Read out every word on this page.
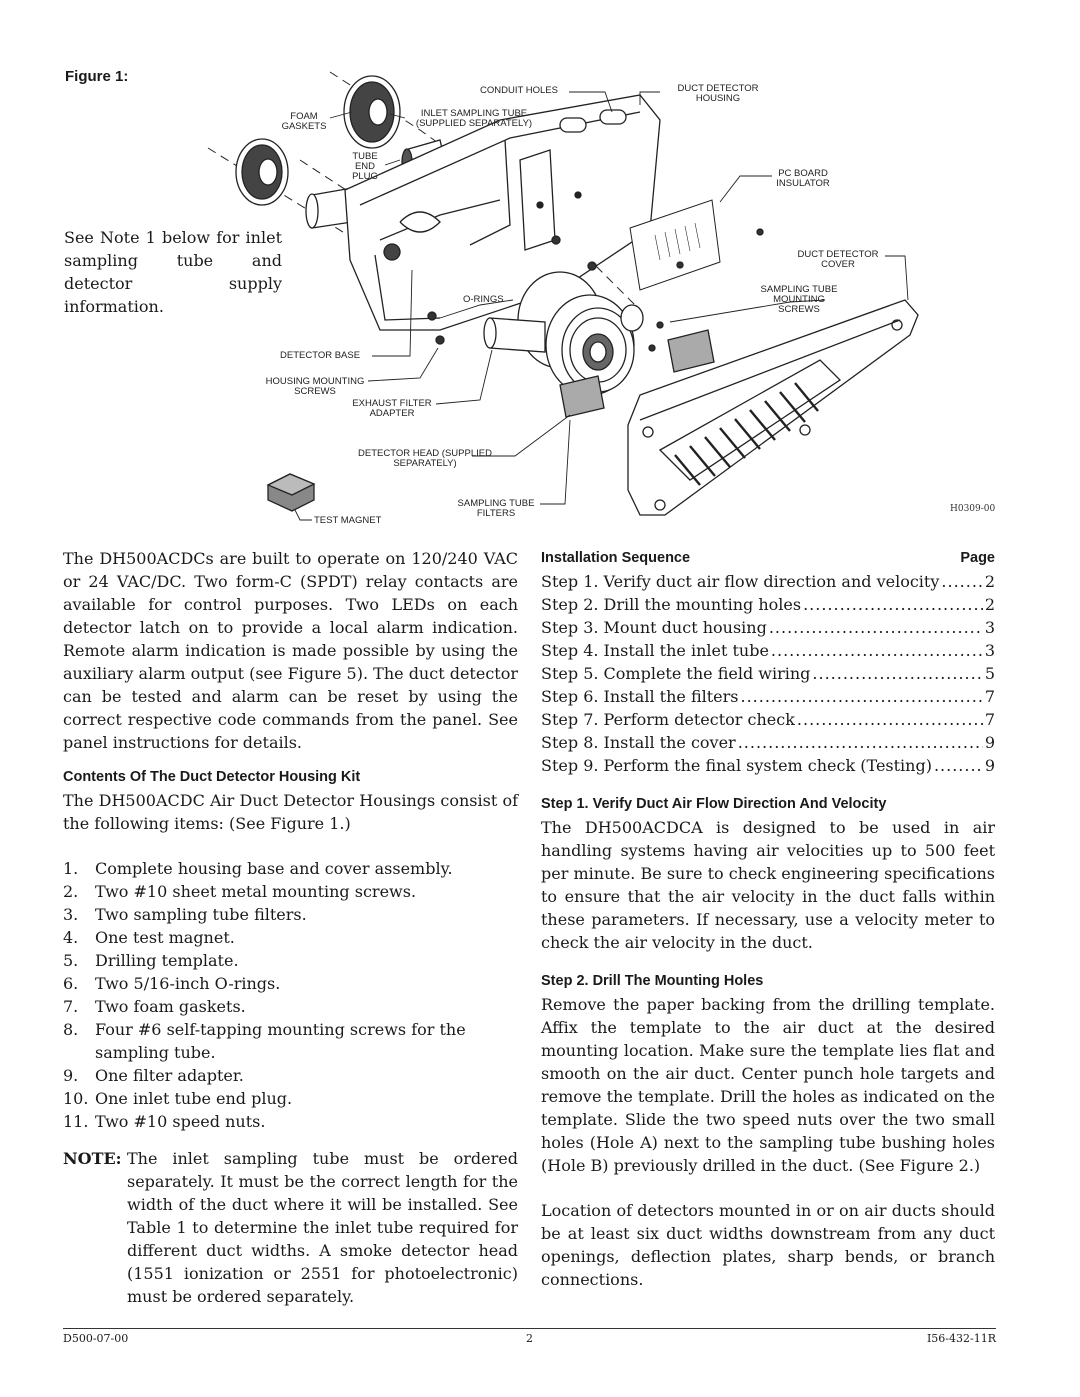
Figure 1:
See Note 1 below for inlet sampling tube and detector supply information.
CONDUIT HOLES	DUCT DETECTOR HOUSING
FOAM GASKETS
INLET SAMPLING TUBE (SUPPLIED SEPARATELY)
TUBE END PLUG	PC BOARD INSULATOR
DUCT DETECTOR COVER
SAMPLING TUBE MOUNTING SCREWS
O-RINGS
DETECTOR BASE
HOUSING MOUNTING SCREWS
EXHAUST FILTER ADAPTER
DETECTOR HEAD (SUPPLIED SEPARATELY)
SAMPLING TUBE FILTERS
TEST MAGNET
H0309-00

The DH500ACDCs are built to operate on 120/240 VAC or 24 VAC/DC. Two form-C (SPDT) relay contacts are available for control purposes. Two LEDs on each detector latch on to provide a local alarm indication. Remote alarm indication is made possible by using the auxiliary alarm output (see Figure 5). The duct detector can be tested and alarm can be reset by using the correct respective code commands from the panel. See panel instructions for details.

Contents Of The Duct Detector Housing Kit

The DH500ACDC Air Duct Detector Housings consist of the following items: (See Figure 1.)

1. Complete housing base and cover assembly.
2. Two #10 sheet metal mounting screws.
3. Two sampling tube filters.
4. One test magnet.
5. Drilling template.
6. Two 5/16-inch O-rings.
7. Two foam gaskets.
8. Four #6 self-tapping mounting screws for the sampling tube.
9. One filter adapter.
10. One inlet tube end plug.
11. Two #10 speed nuts.
NOTE: The inlet sampling tube must be ordered separately. It must be the correct length for the width of the duct where it will be installed. See Table 1 to determine the inlet tube required for different duct widths. A smoke detector head (1551 ionization or 2551 for photoelectronic) must be ordered separately.
Installation Sequence	Page
Step 1. Verify duct air flow direction and velocity .....	2
Step 2. Drill the mounting holes .....	2
Step 3. Mount duct housing .....	3
Step 4. Install the inlet tube .....	3
Step 5. Complete the field wiring .....	5
Step 6. Install the filters .....	7
Step 7. Perform detector check .....	7
Step 8. Install the cover .....	9
Step 9. Perform the final system check (Testing) .....	9
Step 1. Verify Duct Air Flow Direction And Velocity

The DH500ACDCA is designed to be used in air handling systems having air velocities up to 500 feet per minute. Be sure to check engineering specifications to ensure that the air velocity in the duct falls within these parameters. If necessary, use a velocity meter to check the air velocity in the duct.

Step 2. Drill The Mounting Holes

Remove the paper backing from the drilling template. Affix the template to the air duct at the desired mounting location. Make sure the template lies flat and smooth on the air duct. Center punch hole targets and remove the template. Drill the holes as indicated on the template. Slide the two speed nuts over the two small holes (Hole A) next to the sampling tube bushing holes (Hole B) previously drilled in the duct. (See Figure 2.)

Location of detectors mounted in or on air ducts should be at least six duct widths downstream from any duct openings, deflection plates, sharp bends, or branch connections.

D500-07-00	2	I56-432-11R
